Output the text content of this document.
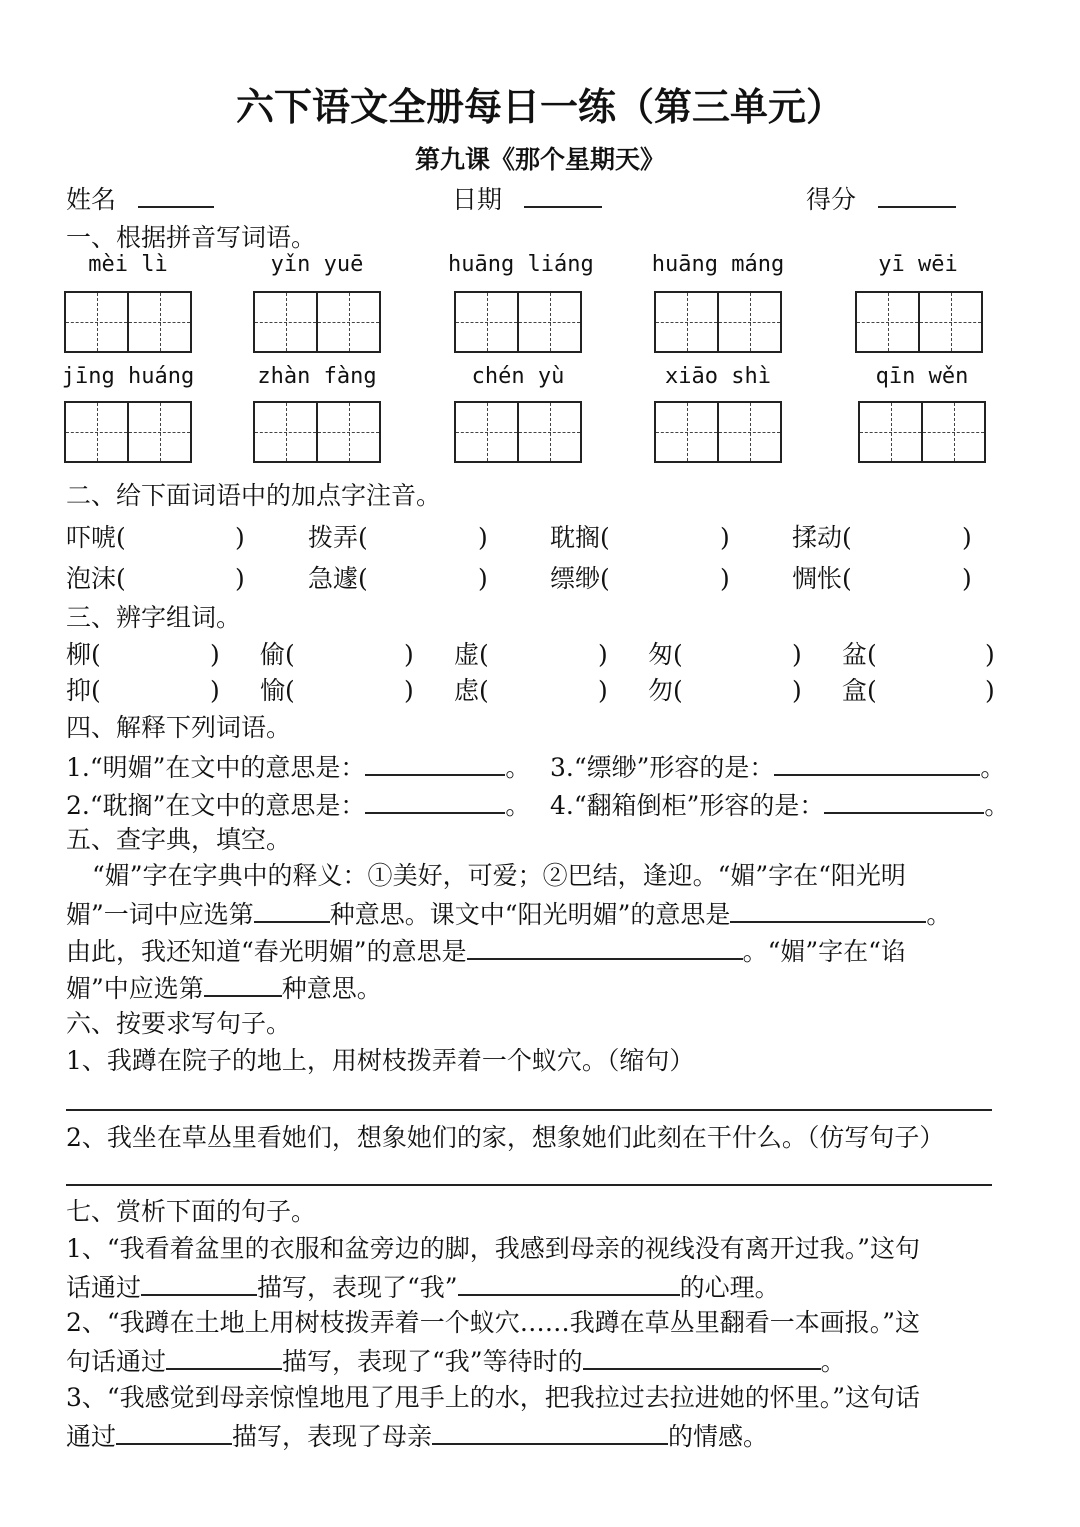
六下语文全册每日一练（第三单元）
第九课《那个星期天》
姓名	日期	得分
一、根据拼音写词语。
mèi lì	yǐn yuē	huāng liáng	huāng máng	yī wēi
jīng huáng	zhàn fàng	chén yù	xiāo shì	qīn wěn
二、给下面词语中的加点字注音。
吓唬(	)	拨弄(	) 耽搁(	) 揉动(	)
泡沫(	)	急遽(	) 缥缈(	) 惆怅(	)
三、辨字组词。
柳(	) 偷(	) 虚(	) 匆(	) 盆(	)
抑(	) 愉(	) 虑(	) 勿(	) 盒(	)
四、解释下列词语。
1.“明媚”在文中的意思是：	。 3.“缥缈”形容的是：	。
2.“耽搁”在文中的意思是：	。 4.“翻箱倒柜”形容的是：	。
五、查字典，填空。
“媚”字在字典中的释义：①美好，可爱；②巴结，逢迎。“媚”字在“阳光明
媚”一词中应选第	种意思。课文中“阳光明媚”的意思是	。
由此，我还知道“春光明媚”的意思是	。“媚”字在“谄
媚”中应选第	种意思。
六、按要求写句子。
1、我蹲在院子的地上，用树枝拨弄着一个蚁穴。（缩句）
2、我坐在草丛里看她们，想象她们的家，想象她们此刻在干什么。（仿写句子）
七、赏析下面的句子。
1、“我看着盆里的衣服和盆旁边的脚，我感到母亲的视线没有离开过我。”这句
话通过	描写，表现了“我”	的心理。
2、“我蹲在土地上用树枝拨弄着一个蚁穴……我蹲在草丛里翻看一本画报。”这
句话通过	描写，表现了“我”等待时的	。
3、“我感觉到母亲惊惶地甩了甩手上的水，把我拉过去拉进她的怀里。”这句话
通过	描写，表现了母亲	的情感。
